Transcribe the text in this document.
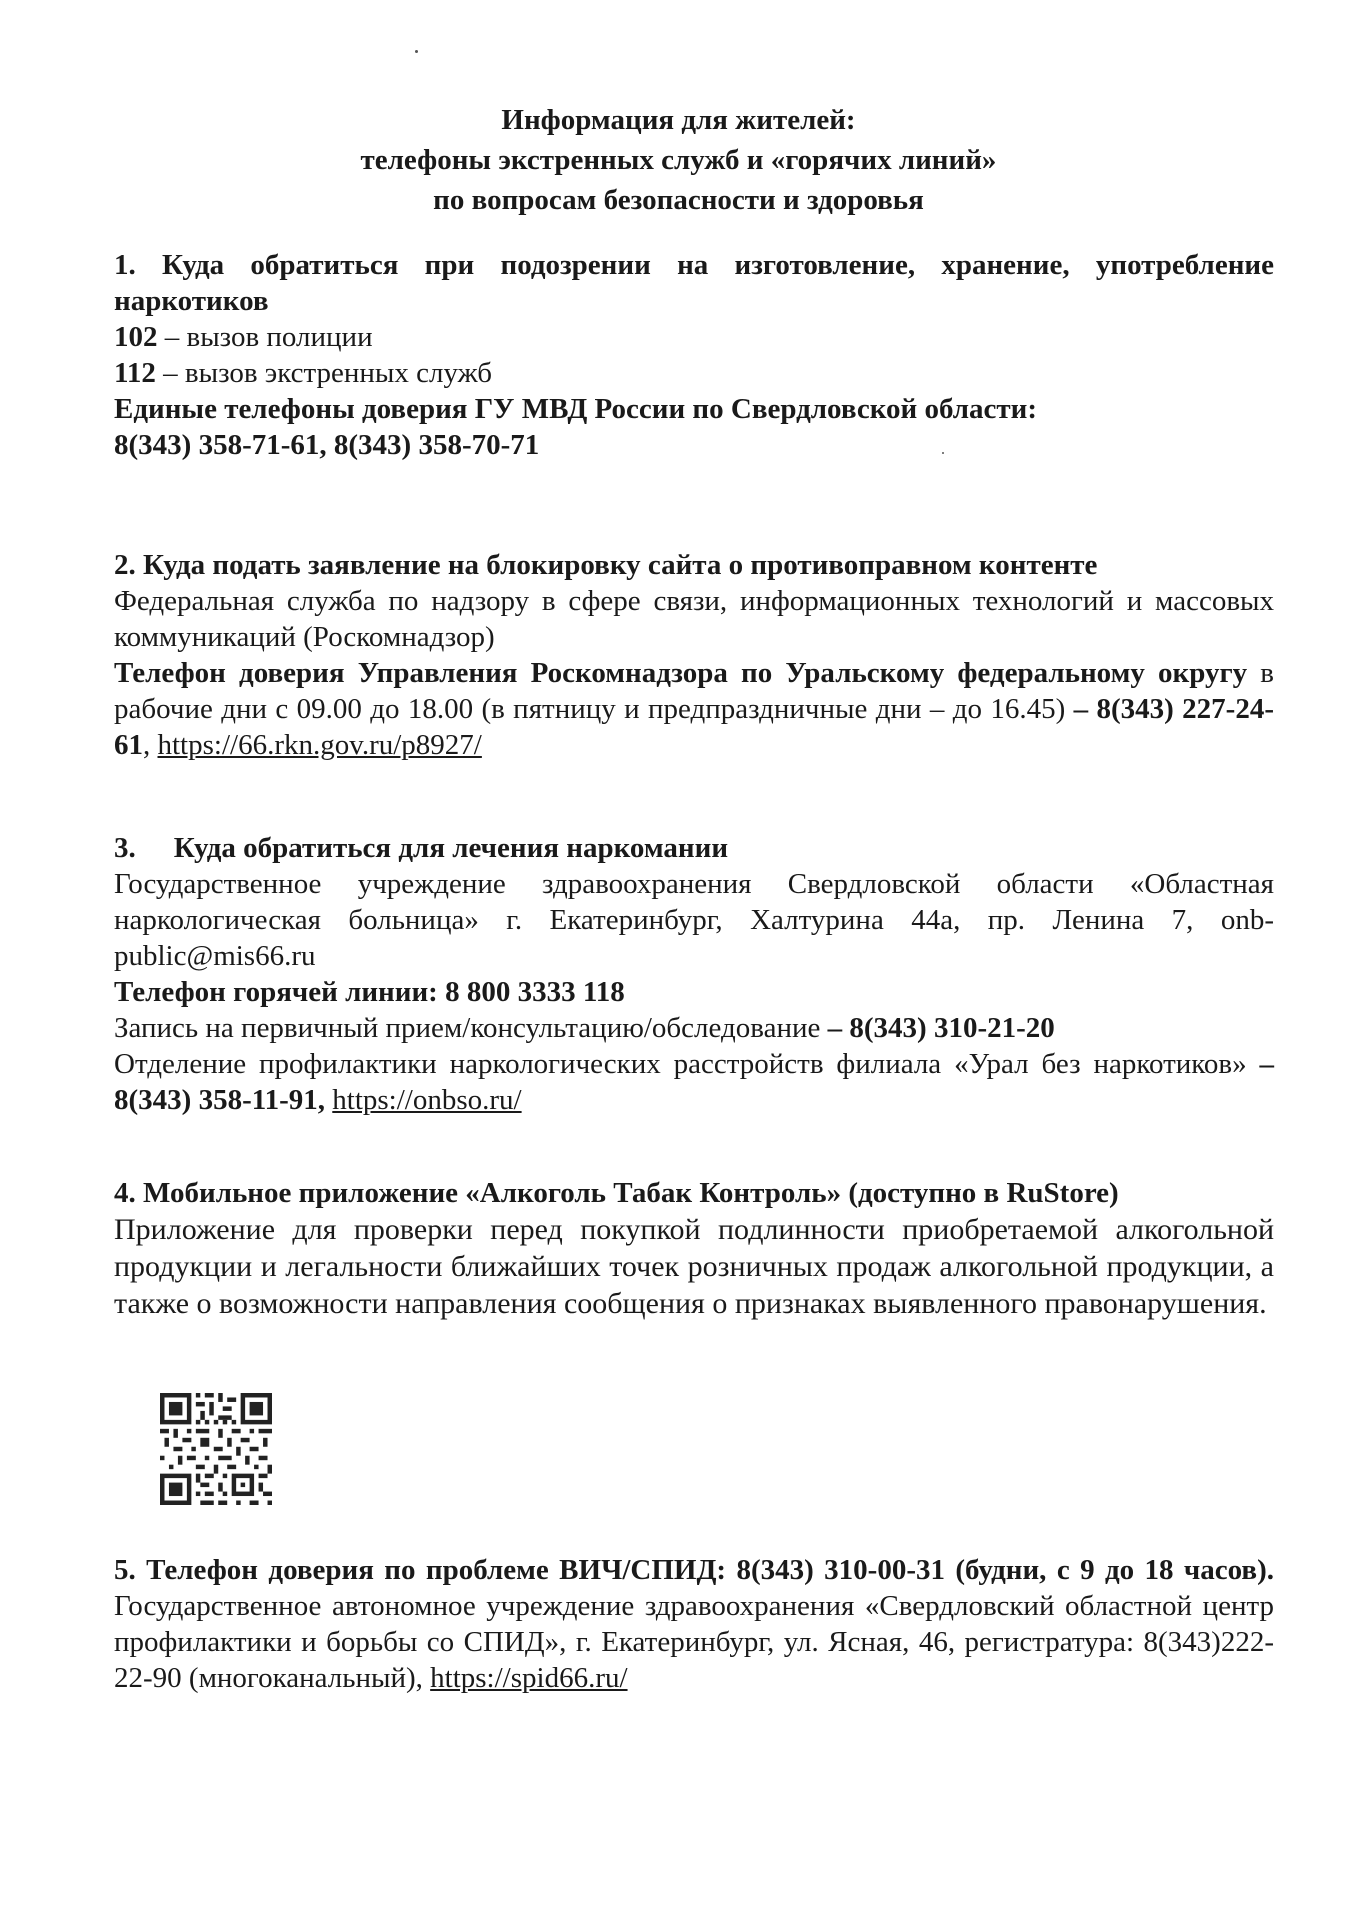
Информация для жителей:
телефоны экстренных служб и «горячих линий»
по вопросам безопасности и здоровья
1. Куда обратиться при подозрении на изготовление, хранение, употребление наркотиков
102 – вызов полиции
112 – вызов экстренных служб
Единые телефоны доверия ГУ МВД России по Свердловской области:
8(343) 358-71-61, 8(343) 358-70-71
2. Куда подать заявление на блокировку сайта о противоправном контенте
Федеральная служба по надзору в сфере связи, информационных технологий и массовых коммуникаций (Роскомнадзор)
Телефон доверия Управления Роскомнадзора по Уральскому федеральному округу в рабочие дни с 09.00 до 18.00 (в пятницу и предпраздничные дни – до 16.45) – 8(343) 227-24-61, https://66.rkn.gov.ru/p8927/
3. Куда обратиться для лечения наркомании
Государственное учреждение здравоохранения Свердловской области «Областная наркологическая больница» г. Екатеринбург, Халтурина 44а, пр. Ленина 7, onb-public@mis66.ru
Телефон горячей линии: 8 800 3333 118
Запись на первичный прием/консультацию/обследование – 8(343) 310-21-20
Отделение профилактики наркологических расстройств филиала «Урал без наркотиков» – 8(343) 358-11-91, https://onbso.ru/
4. Мобильное приложение «Алкоголь Табак Контроль» (доступно в RuStore)
Приложение для проверки перед покупкой подлинности приобретаемой алкогольной продукции и легальности ближайших точек розничных продаж алкогольной продукции, а также о возможности направления сообщения о признаках выявленного правонарушения.
5. Телефон доверия по проблеме ВИЧ/СПИД: 8(343) 310-00-31 (будни, с 9 до 18 часов). Государственное автономное учреждение здравоохранения «Свердловский областной центр профилактики и борьбы со СПИД», г. Екатеринбург, ул. Ясная, 46, регистратура: 8(343)222-22-90 (многоканальный), https://spid66.ru/
